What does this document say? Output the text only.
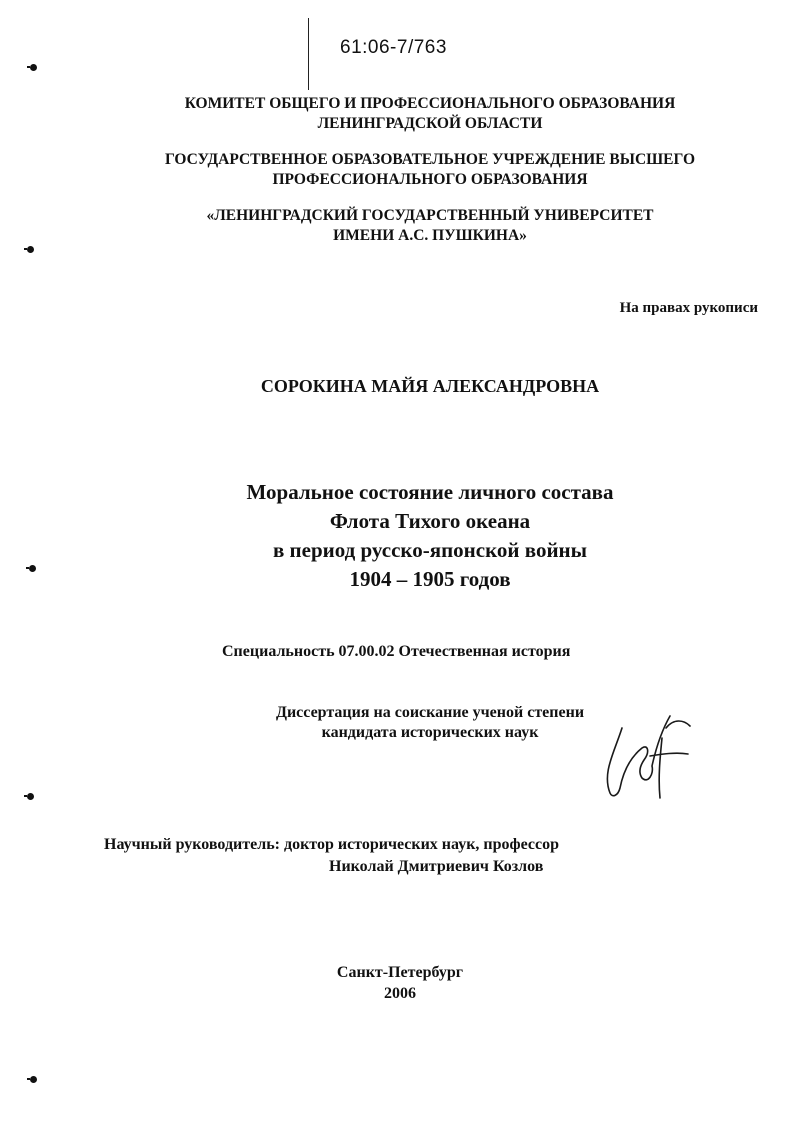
61:06-7/763
КОМИТЕТ ОБЩЕГО И ПРОФЕССИОНАЛЬНОГО ОБРАЗОВАНИЯ
ЛЕНИНГРАДСКОЙ ОБЛАСТИ
ГОСУДАРСТВЕННОЕ ОБРАЗОВАТЕЛЬНОЕ УЧРЕЖДЕНИЕ ВЫСШЕГО
ПРОФЕССИОНАЛЬНОГО ОБРАЗОВАНИЯ
«ЛЕНИНГРАДСКИЙ ГОСУДАРСТВЕННЫЙ УНИВЕРСИТЕТ
ИМЕНИ А.С. ПУШКИНА»
На правах рукописи
СОРОКИНА МАЙЯ АЛЕКСАНДРОВНА
Моральное состояние личного состава
Флота Тихого океана
в период русско-японской войны
1904 – 1905 годов
Специальность 07.00.02 Отечественная история
Диссертация на соискание ученой степени
кандидата исторических наук
Научный руководитель: доктор исторических наук, профессор
Николай Дмитриевич Козлов
Санкт-Петербург
2006
